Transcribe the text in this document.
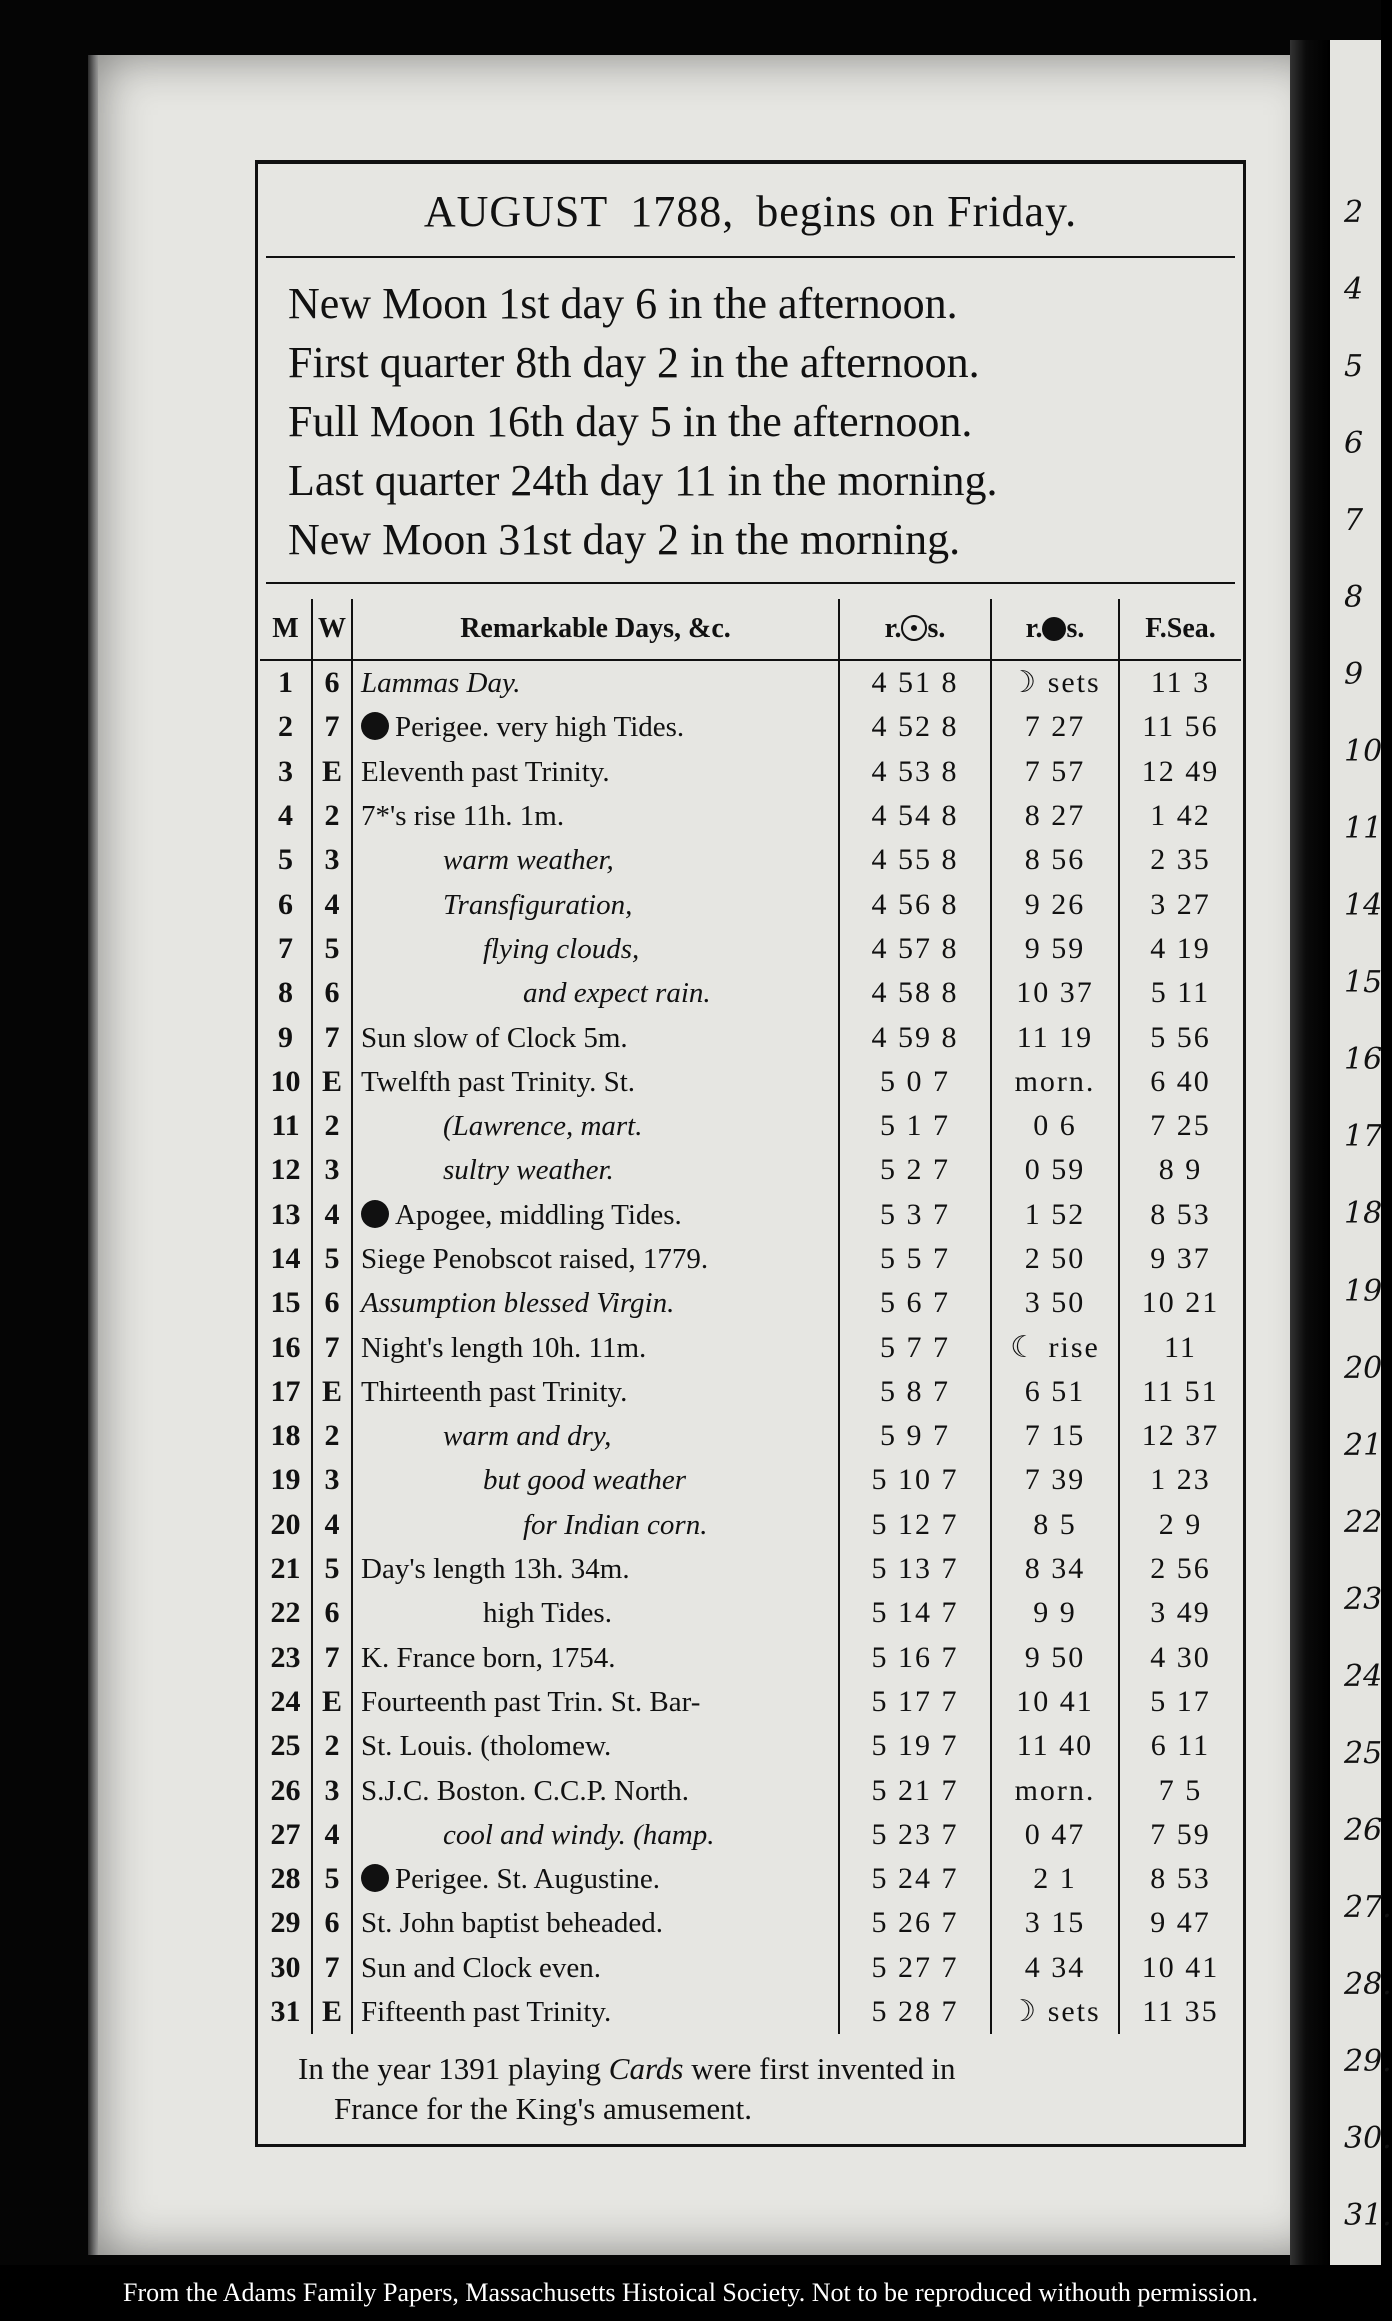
2
4
5
6
7
8
9
10
11
14
15
16
17
18
19
20
21
22
23
24
25
26
27.
28.
29.
30.
31.
AUGUST 1788, begins on Friday.
New Moon 1st day 6 in the afternoon.
First quarter 8th day 2 in the afternoon.
Full Moon 16th day 5 in the afternoon.
Last quarter 24th day 11 in the morning.
New Moon 31st day 2 in the morning.
M	W	Remarkable Days, &c.	r. s.	r. s.	F.Sea.
1	6	Lammas Day.	4 51 8	☽ sets	11 3
2	7	Perigee. very high Tides.	4 52 8	7 27	11 56
3	E	Eleventh past Trinity.	4 53 8	7 57	12 49
4	2	7*'s rise 11h. 1m.	4 54 8	8 27	1 42
5	3	warm weather,	4 55 8	8 56	2 35
6	4	Transfiguration,	4 56 8	9 26	3 27
7	5	flying clouds,	4 57 8	9 59	4 19
8	6	and expect rain.	4 58 8	10 37	5 11
9	7	Sun slow of Clock 5m.	4 59 8	11 19	5 56
10	E	Twelfth past Trinity. St.	5 0 7	morn.	6 40
11	2	(Lawrence, mart.	5 1 7	0 6	7 25
12	3	sultry weather.	5 2 7	0 59	8 9
13	4	Apogee, middling Tides.	5 3 7	1 52	8 53
14	5	Siege Penobscot raised, 1779.	5 5 7	2 50	9 37
15	6	Assumption blessed Virgin.	5 6 7	3 50	10 21
16	7	Night's length 10h. 11m.	5 7 7	☾ rise	11
17	E	Thirteenth past Trinity.	5 8 7	6 51	11 51
18	2	warm and dry,	5 9 7	7 15	12 37
19	3	but good weather	5 10 7	7 39	1 23
20	4	for Indian corn.	5 12 7	8 5	2 9
21	5	Day's length 13h. 34m.	5 13 7	8 34	2 56
22	6	high Tides.	5 14 7	9 9	3 49
23	7	K. France born, 1754.	5 16 7	9 50	4 30
24	E	Fourteenth past Trin. St. Bar-	5 17 7	10 41	5 17
25	2	St. Louis. (tholomew.	5 19 7	11 40	6 11
26	3	S.J.C. Boston. C.C.P. North.	5 21 7	morn.	7 5
27	4	cool and windy. (hamp.	5 23 7	0 47	7 59
28	5	Perigee. St. Augustine.	5 24 7	2 1	8 53
29	6	St. John baptist beheaded.	5 26 7	3 15	9 47
30	7	Sun and Clock even.	5 27 7	4 34	10 41
31	E	Fifteenth past Trinity.	5 28 7	☽ sets	11 35
In the year 1391 playing Cards were first invented in
France for the King's amusement.
From the Adams Family Papers, Massachusetts Histoical Society. Not to be reproduced withouth permission.
